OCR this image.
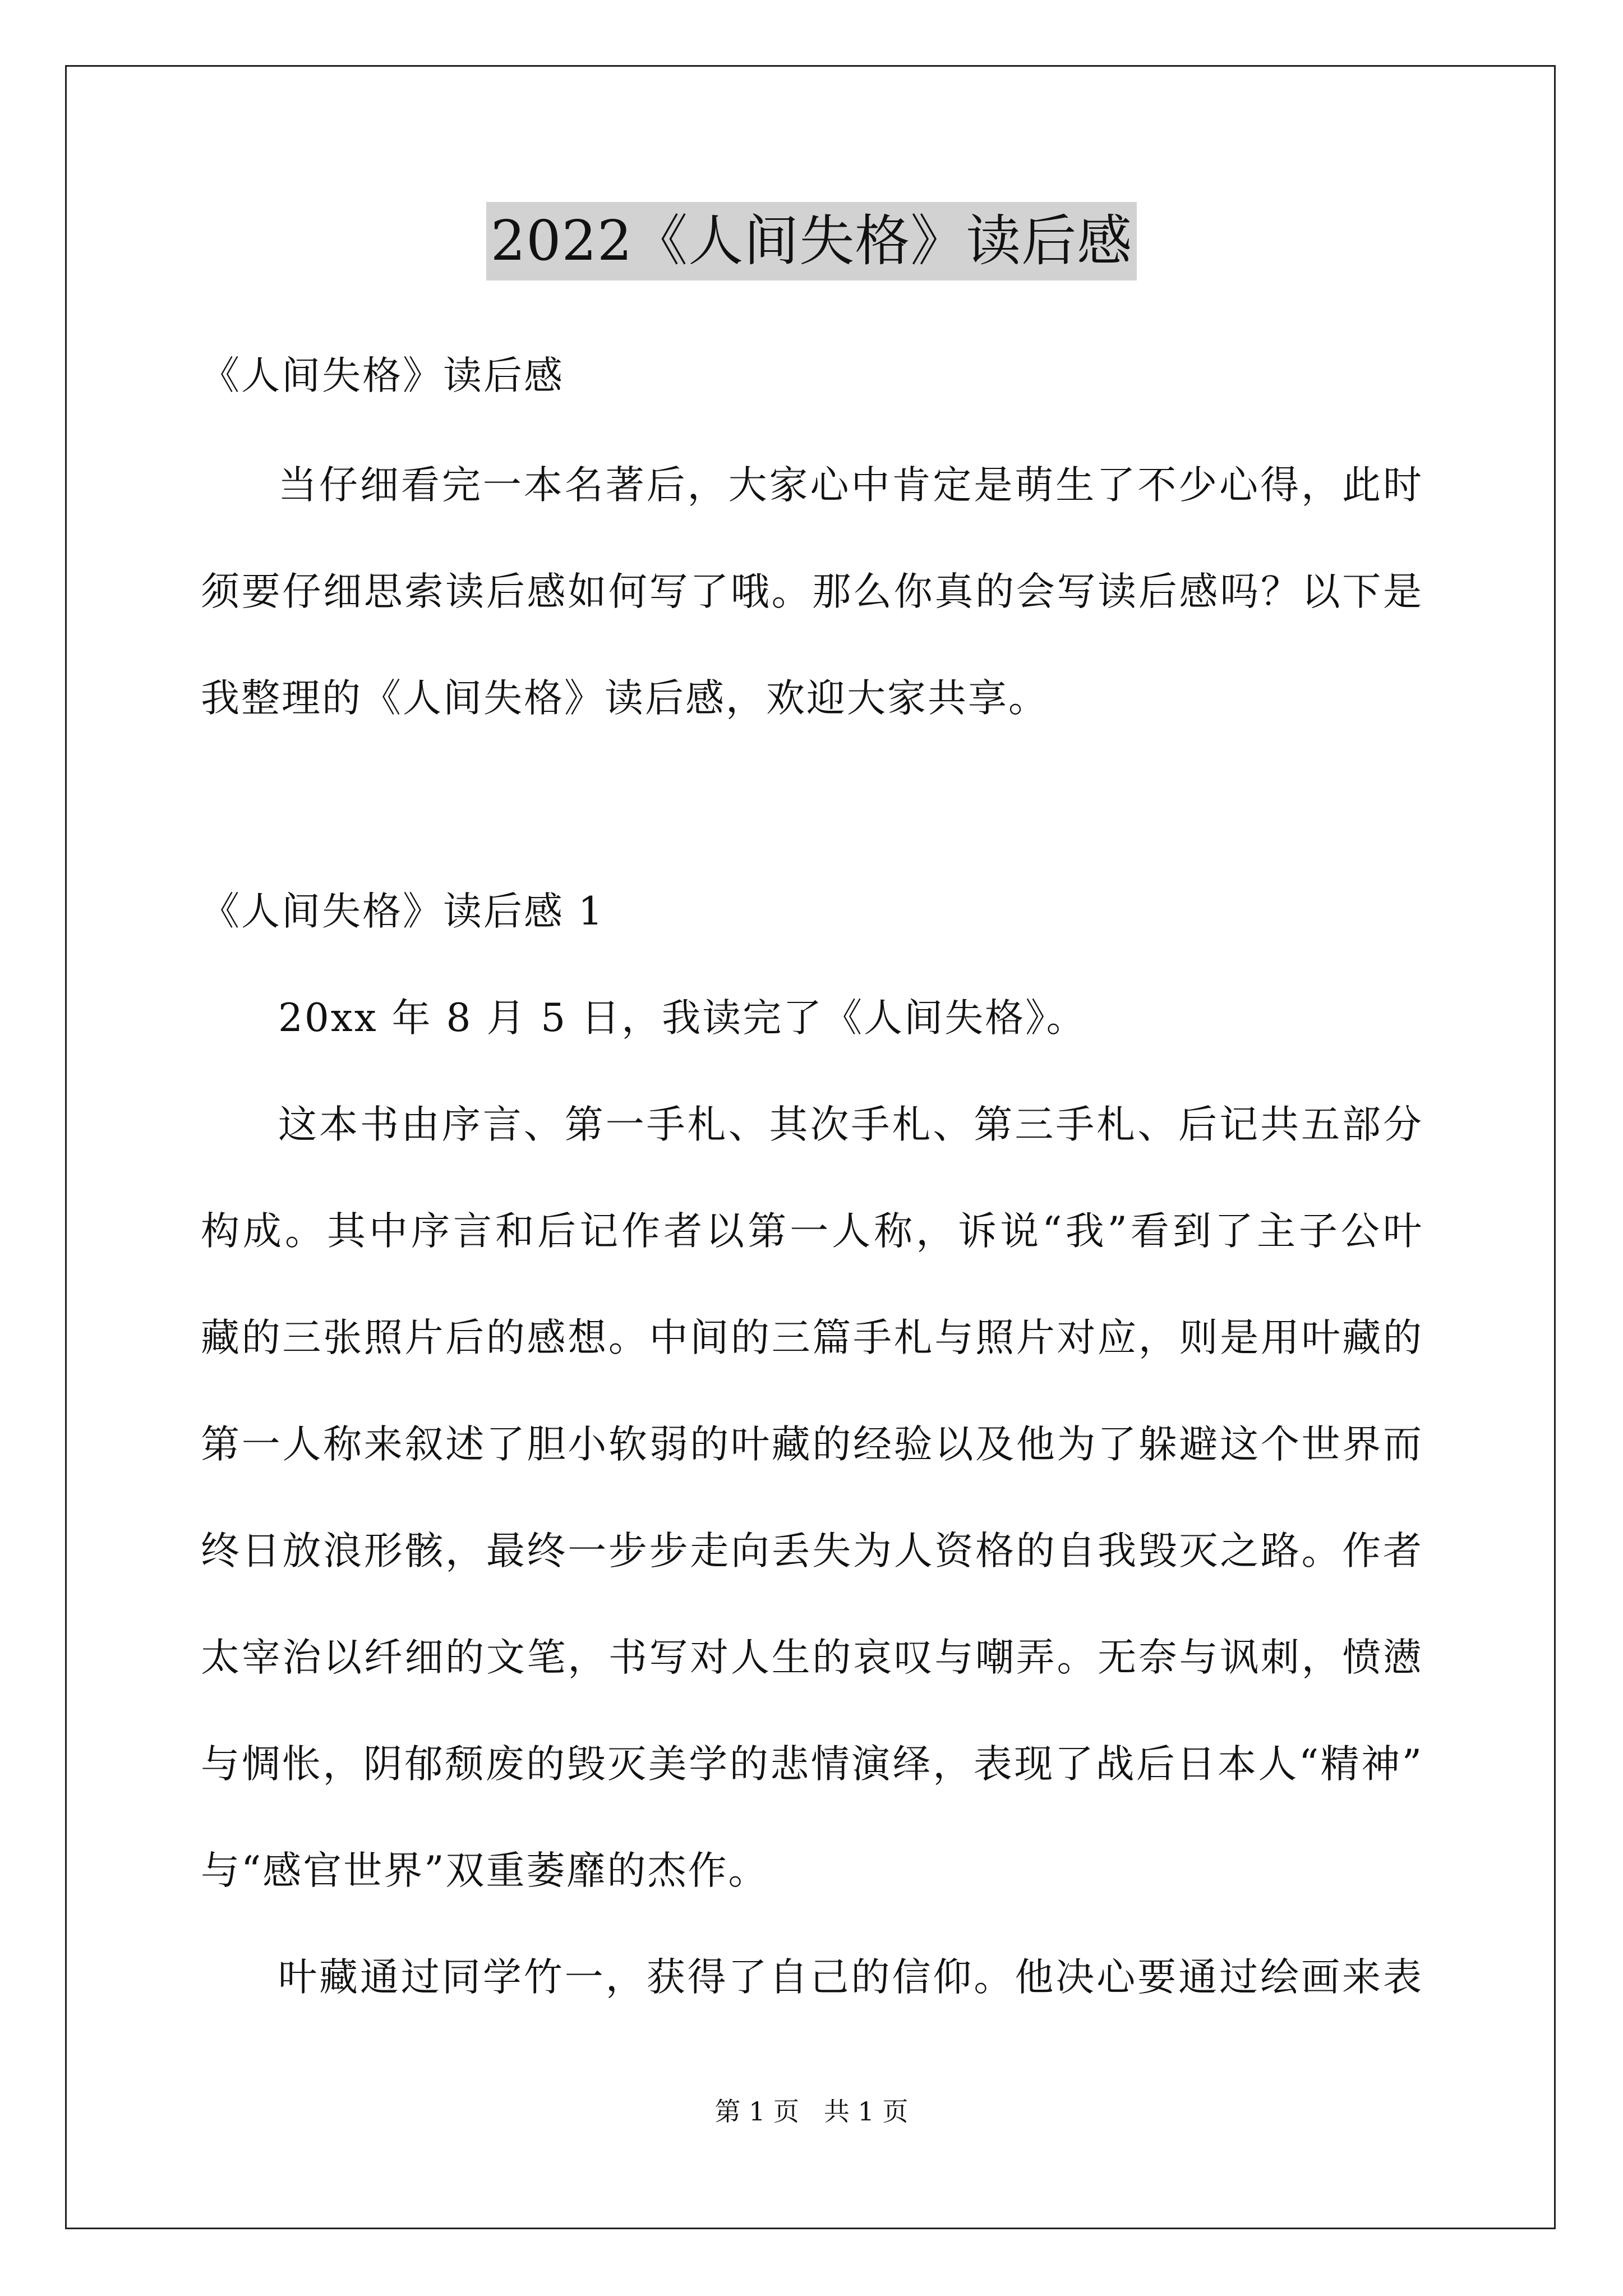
2022《人间失格》读后感
《人间失格》读后感
当仔细看完一本名著后，大家心中肯定是萌生了不少心得，此时
须要仔细思索读后感如何写了哦。那么你真的会写读后感吗？以下是
我整理的《人间失格》读后感，欢迎大家共享。
《人间失格》读后感 1
20xx 年 8 月 5 日，我读完了《人间失格》。
这本书由序言、第一手札、其次手札、第三手札、后记共五部分
构成。其中序言和后记作者以第一人称，诉说“我”看到了主子公叶
藏的三张照片后的感想。中间的三篇手札与照片对应，则是用叶藏的
第一人称来叙述了胆小软弱的叶藏的经验以及他为了躲避这个世界而
终日放浪形骸，最终一步步走向丢失为人资格的自我毁灭之路。作者
太宰治以纤细的文笔，书写对人生的哀叹与嘲弄。无奈与讽刺，愤懑
与惆怅，阴郁颓废的毁灭美学的悲情演绎，表现了战后日本人“精神”
与“感官世界”双重萎靡的杰作。
叶藏通过同学竹一，获得了自己的信仰。他决心要通过绘画来表
第 1 页 共 1 页
